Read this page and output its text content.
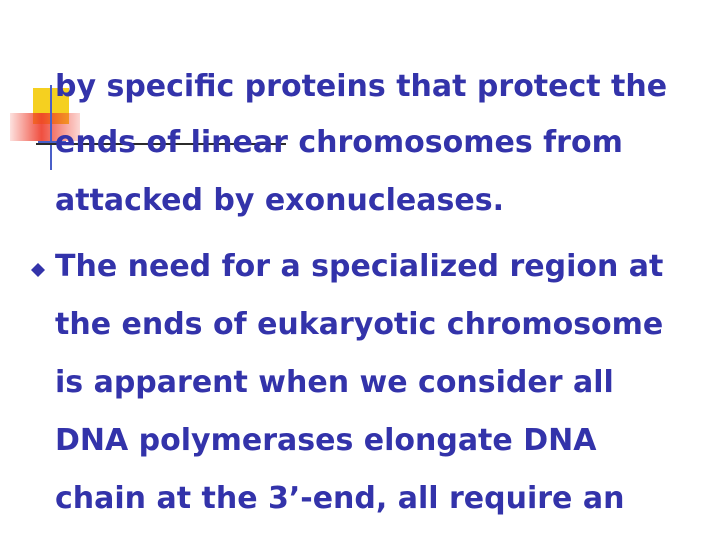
by specific proteins that protect the
ends of linear chromosomes from
attacked by exonucleases.
The need for a specialized region at
the ends of eukaryotic chromosome
is apparent when we consider all
DNA polymerases elongate DNA
chain at the 3’-end, all require an
